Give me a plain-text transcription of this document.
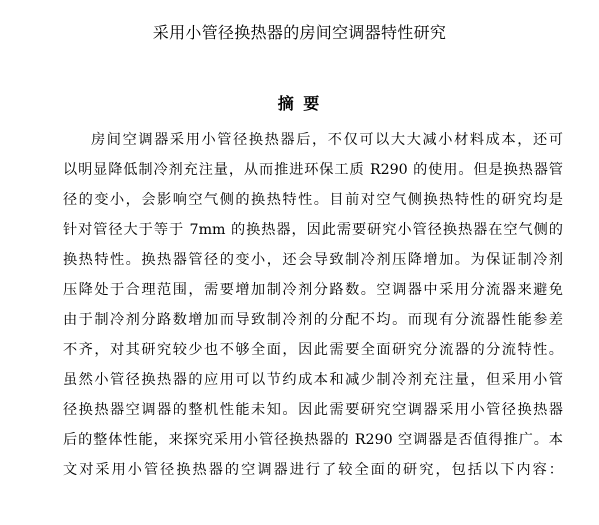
采用小管径换热器的房间空调器特性研究
摘 要
房间空调器采用小管径换热器后，不仅可以大大减小材料成本，还可
以明显降低制冷剂充注量，从而推进环保工质 R290 的使用。但是换热器管
径的变小，会影响空气侧的换热特性。目前对空气侧换热特性的研究均是
针对管径大于等于 7mm 的换热器，因此需要研究小管径换热器在空气侧的
换热特性。换热器管径的变小，还会导致制冷剂压降增加。为保证制冷剂
压降处于合理范围，需要增加制冷剂分路数。空调器中采用分流器来避免
由于制冷剂分路数增加而导致制冷剂的分配不均。而现有分流器性能参差
不齐，对其研究较少也不够全面，因此需要全面研究分流器的分流特性。
虽然小管径换热器的应用可以节约成本和减少制冷剂充注量，但采用小管
径换热器空调器的整机性能未知。因此需要研究空调器采用小管径换热器
后的整体性能，来探究采用小管径换热器的 R290 空调器是否值得推广。本
文对采用小管径换热器的空调器进行了较全面的研究，包括以下内容：
